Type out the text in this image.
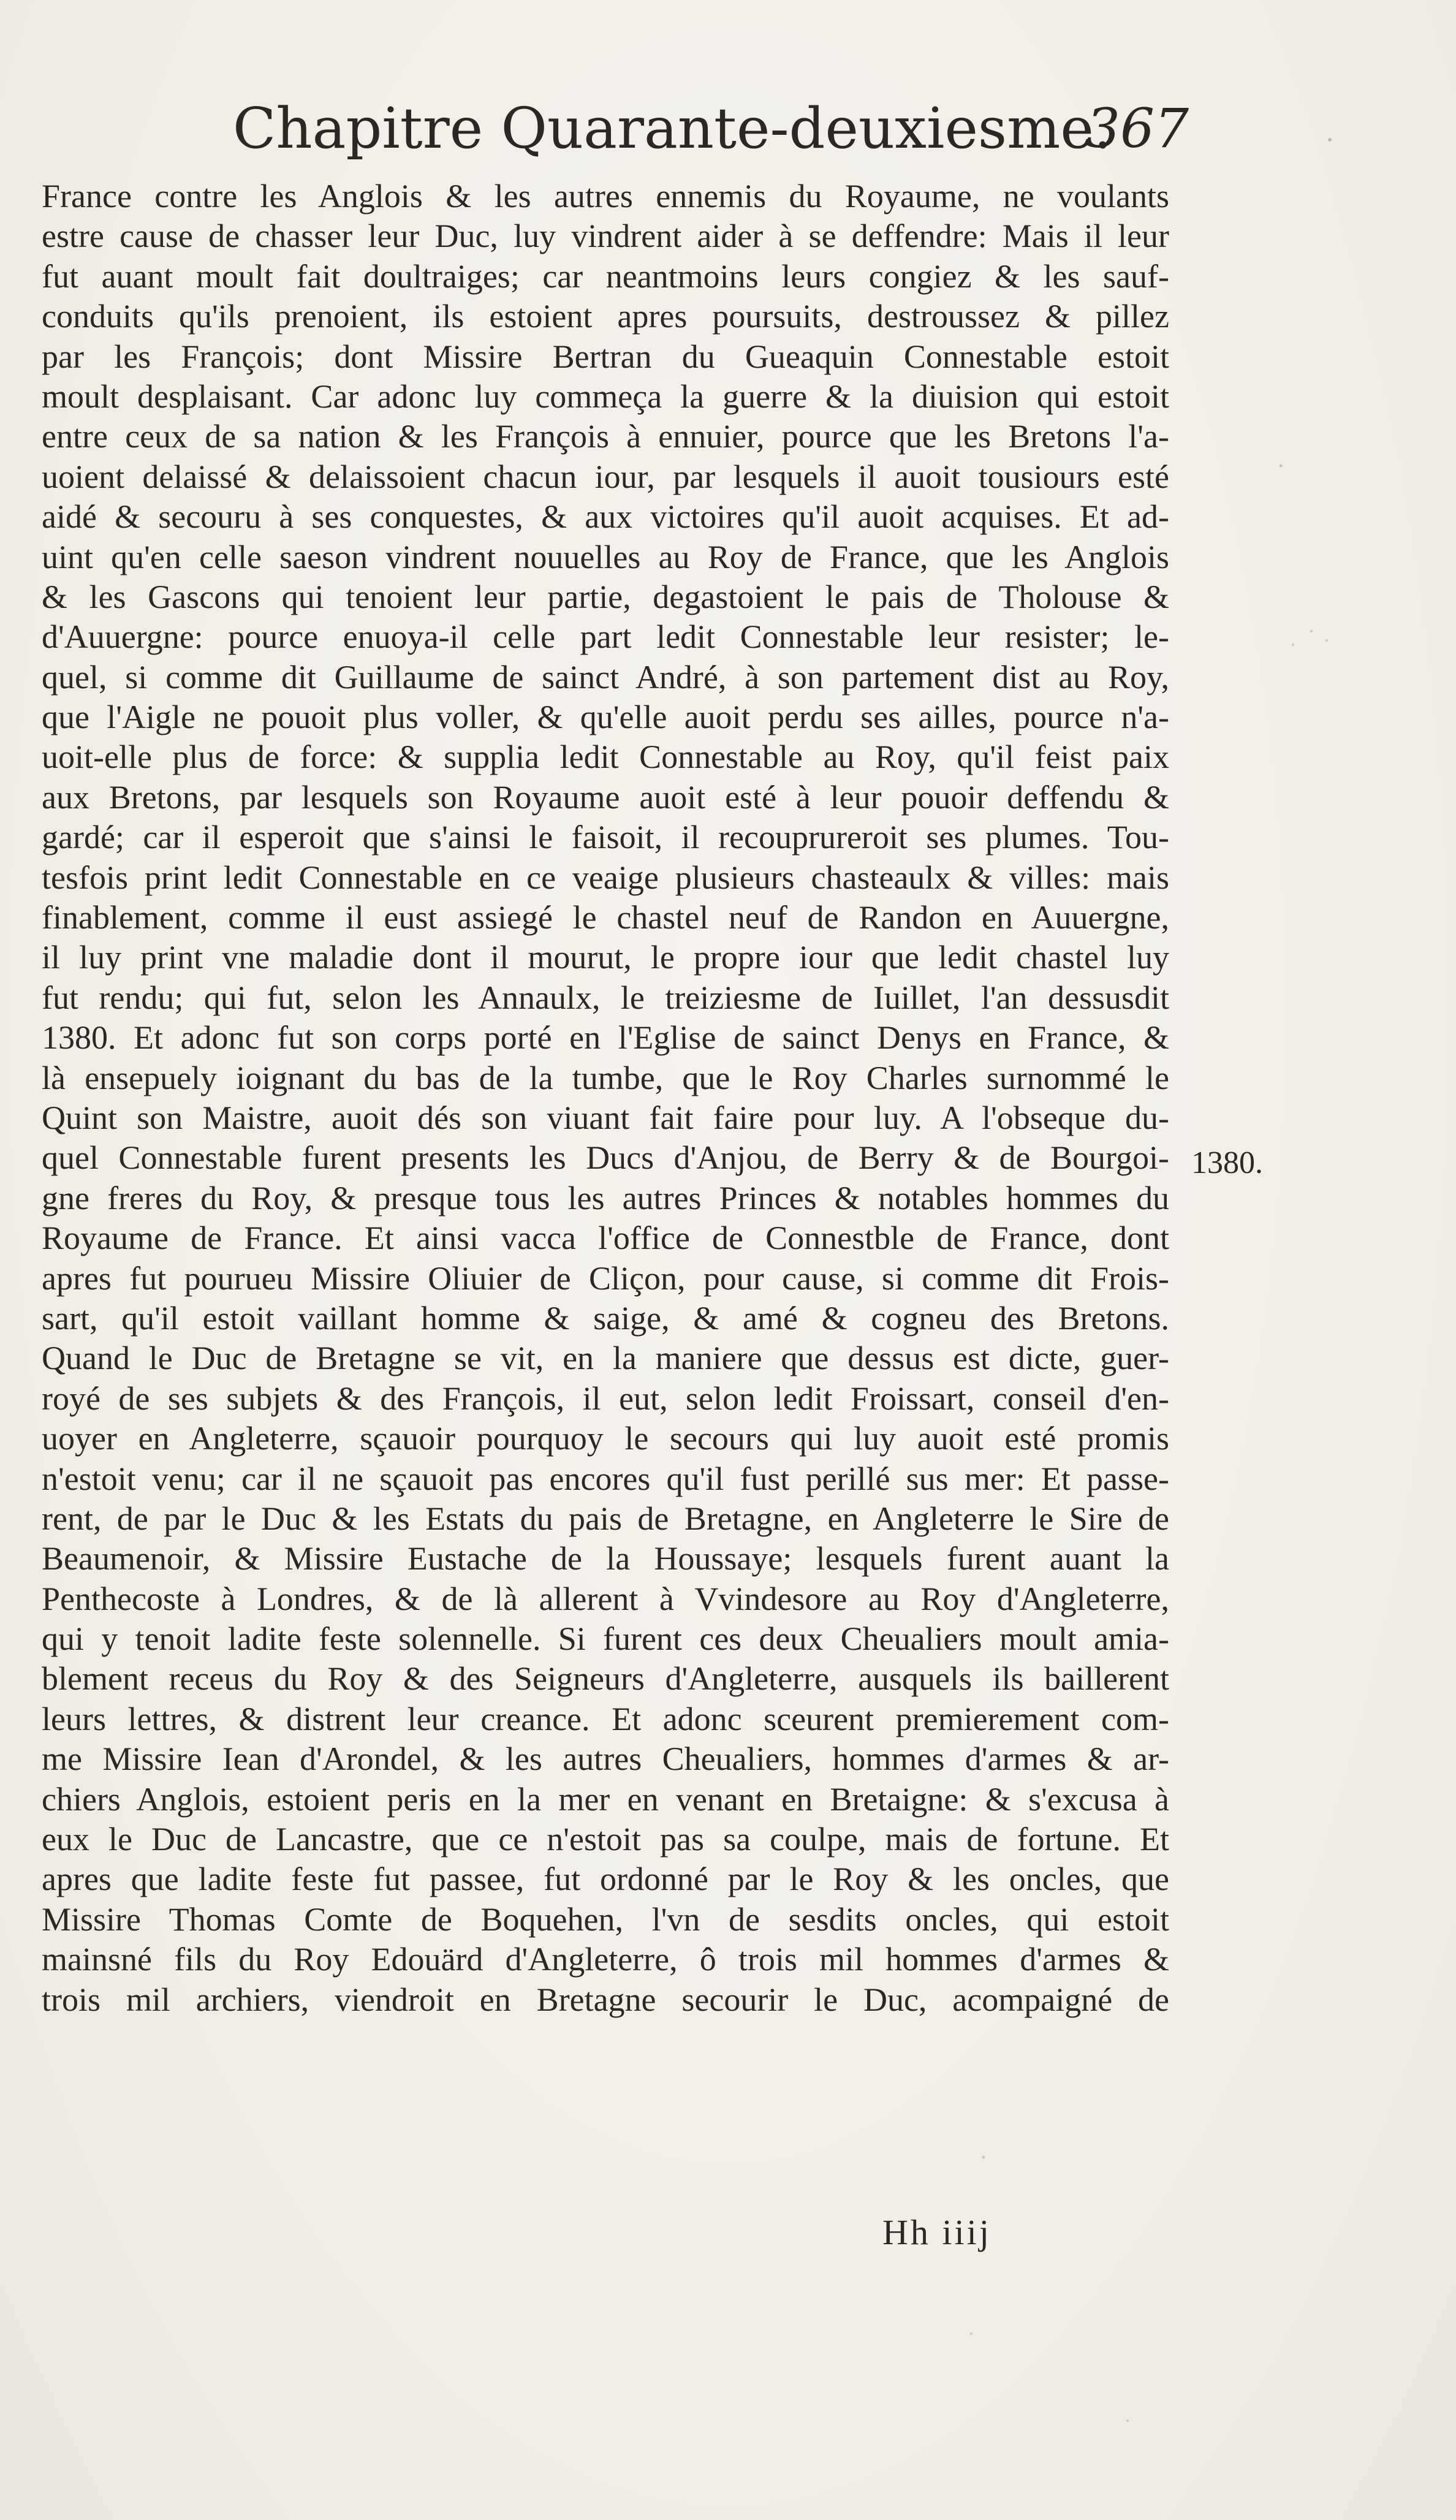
Chapitre Quarante-deuxiesme.
367
France contre les Anglois & les autres ennemis du Royaume, ne voulants
estre cause de chasser leur Duc, luy vindrent aider à se deffendre: Mais il leur
fut auant moult fait doultraiges; car neantmoins leurs congiez & les sauf-
conduits qu'ils prenoient, ils estoient apres poursuits, destroussez & pillez
par les François; dont Missire Bertran du Gueaquin Connestable estoit
moult desplaisant. Car adonc luy commeça la guerre & la diuision qui estoit
entre ceux de sa nation & les François à ennuier, pource que les Bretons l'a-
uoient delaissé & delaissoient chacun iour, par lesquels il auoit tousiours esté
aidé & secouru à ses conquestes, & aux victoires qu'il auoit acquises. Et ad-
uint qu'en celle saeson vindrent nouuelles au Roy de France, que les Anglois
& les Gascons qui tenoient leur partie, degastoient le pais de Tholouse &
d'Auuergne: pource enuoya-il celle part ledit Connestable leur resister; le-
quel, si comme dit Guillaume de sainct André, à son partement dist au Roy,
que l'Aigle ne pouoit plus voller, & qu'elle auoit perdu ses ailles, pource n'a-
uoit-elle plus de force: & supplia ledit Connestable au Roy, qu'il feist paix
aux Bretons, par lesquels son Royaume auoit esté à leur pouoir deffendu &
gardé; car il esperoit que s'ainsi le faisoit, il recouprureroit ses plumes. Tou-
tesfois print ledit Connestable en ce veaige plusieurs chasteaulx & villes: mais
finablement, comme il eust assiegé le chastel neuf de Randon en Auuergne,
il luy print vne maladie dont il mourut, le propre iour que ledit chastel luy
fut rendu; qui fut, selon les Annaulx, le treiziesme de Iuillet, l'an dessusdit
1380. Et adonc fut son corps porté en l'Eglise de sainct Denys en France, &
là ensepuely ioignant du bas de la tumbe, que le Roy Charles surnommé le
Quint son Maistre, auoit dés son viuant fait faire pour luy. A l'obseque du-
quel Connestable furent presents les Ducs d'Anjou, de Berry & de Bourgoi-
gne freres du Roy, & presque tous les autres Princes & notables hommes du
Royaume de France. Et ainsi vacca l'office de Connestble de France, dont
apres fut pourueu Missire Oliuier de Cliçon, pour cause, si comme dit Frois-
sart, qu'il estoit vaillant homme & saige, & amé & cogneu des Bretons.
Quand le Duc de Bretagne se vit, en la maniere que dessus est dicte, guer-
royé de ses subjets & des François, il eut, selon ledit Froissart, conseil d'en-
uoyer en Angleterre, sçauoir pourquoy le secours qui luy auoit esté promis
n'estoit venu; car il ne sçauoit pas encores qu'il fust perillé sus mer: Et passe-
rent, de par le Duc & les Estats du pais de Bretagne, en Angleterre le Sire de
Beaumenoir, & Missire Eustache de la Houssaye; lesquels furent auant la
Penthecoste à Londres, & de là allerent à Vvindesore au Roy d'Angleterre,
qui y tenoit ladite feste solennelle. Si furent ces deux Cheualiers moult amia-
blement receus du Roy & des Seigneurs d'Angleterre, ausquels ils baillerent
leurs lettres, & distrent leur creance. Et adonc sceurent premierement com-
me Missire Iean d'Arondel, & les autres Cheualiers, hommes d'armes & ar-
chiers Anglois, estoient peris en la mer en venant en Bretaigne: & s'excusa à
eux le Duc de Lancastre, que ce n'estoit pas sa coulpe, mais de fortune. Et
apres que ladite feste fut passee, fut ordonné par le Roy & les oncles, que
Missire Thomas Comte de Boquehen, l'vn de sesdits oncles, qui estoit
mainsné fils du Roy Edouärd d'Angleterre, ô trois mil hommes d'armes &
trois mil archiers, viendroit en Bretagne secourir le Duc, acompaigné de
1380.
Hh iiij
